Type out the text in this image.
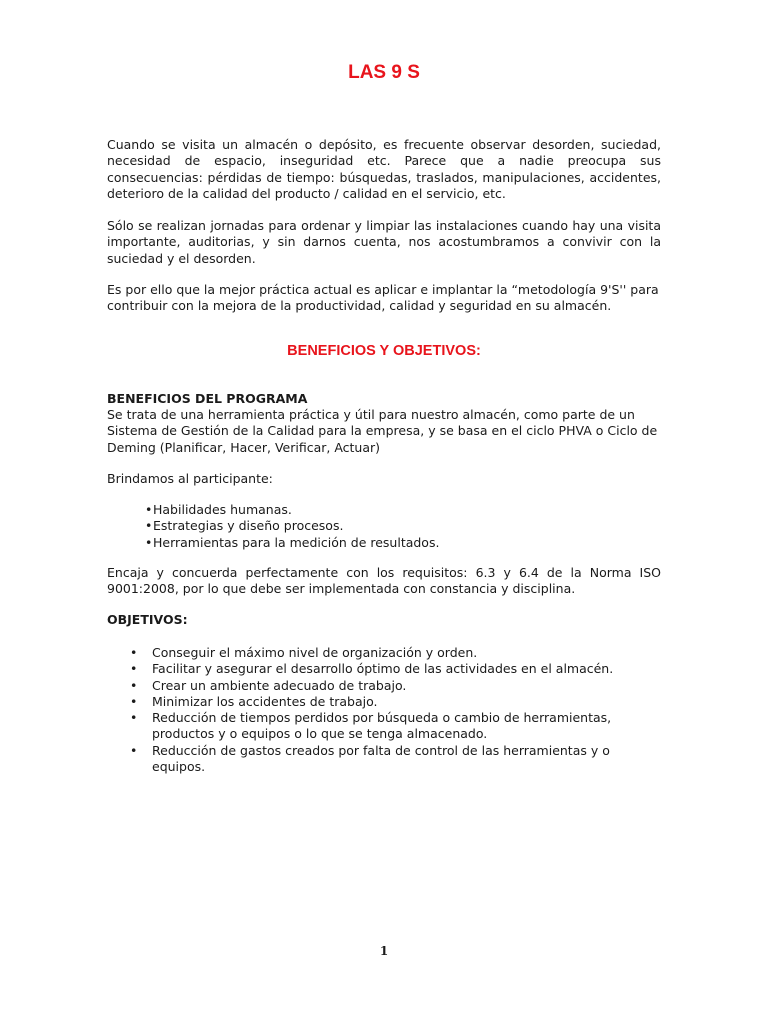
LAS 9 S

Cuando se visita un almacén o depósito, es frecuente observar desorden, suciedad, necesidad de espacio, inseguridad etc. Parece que a nadie preocupa sus consecuencias: pérdidas de tiempo: búsquedas, traslados, manipulaciones, accidentes, deterioro de la calidad del producto / calidad en el servicio, etc.

Sólo se realizan jornadas para ordenar y limpiar las instalaciones cuando hay una visita importante, auditorias, y sin darnos cuenta, nos acostumbramos a convivir con la suciedad y el desorden.

Es por ello que la mejor práctica actual es aplicar e implantar la “metodología 9'S'' para contribuir con la mejora de la productividad, calidad y seguridad en su almacén.

BENEFICIOS Y OBJETIVOS:

BENEFICIOS DEL PROGRAMA

Se trata de una herramienta práctica y útil para nuestro almacén, como parte de un Sistema de Gestión de la Calidad para la empresa, y se basa en el ciclo PHVA o Ciclo de Deming (Planificar, Hacer, Verificar, Actuar)

Brindamos al participante:

• Habilidades humanas.
• Estrategias y diseño procesos.
• Herramientas para la medición de resultados.

Encaja y concuerda perfectamente con los requisitos: 6.3 y 6.4 de la Norma ISO 9001:2008, por lo que debe ser implementada con constancia y disciplina.

OBJETIVOS:

• Conseguir el máximo nivel de organización y orden.
• Facilitar y asegurar el desarrollo óptimo de las actividades en el almacén.
• Crear un ambiente adecuado de trabajo.
• Minimizar los accidentes de trabajo.
• Reducción de tiempos perdidos por búsqueda o cambio de herramientas, productos y o equipos o lo que se tenga almacenado.
• Reducción de gastos creados por falta de control de las herramientas y o equipos.
1
